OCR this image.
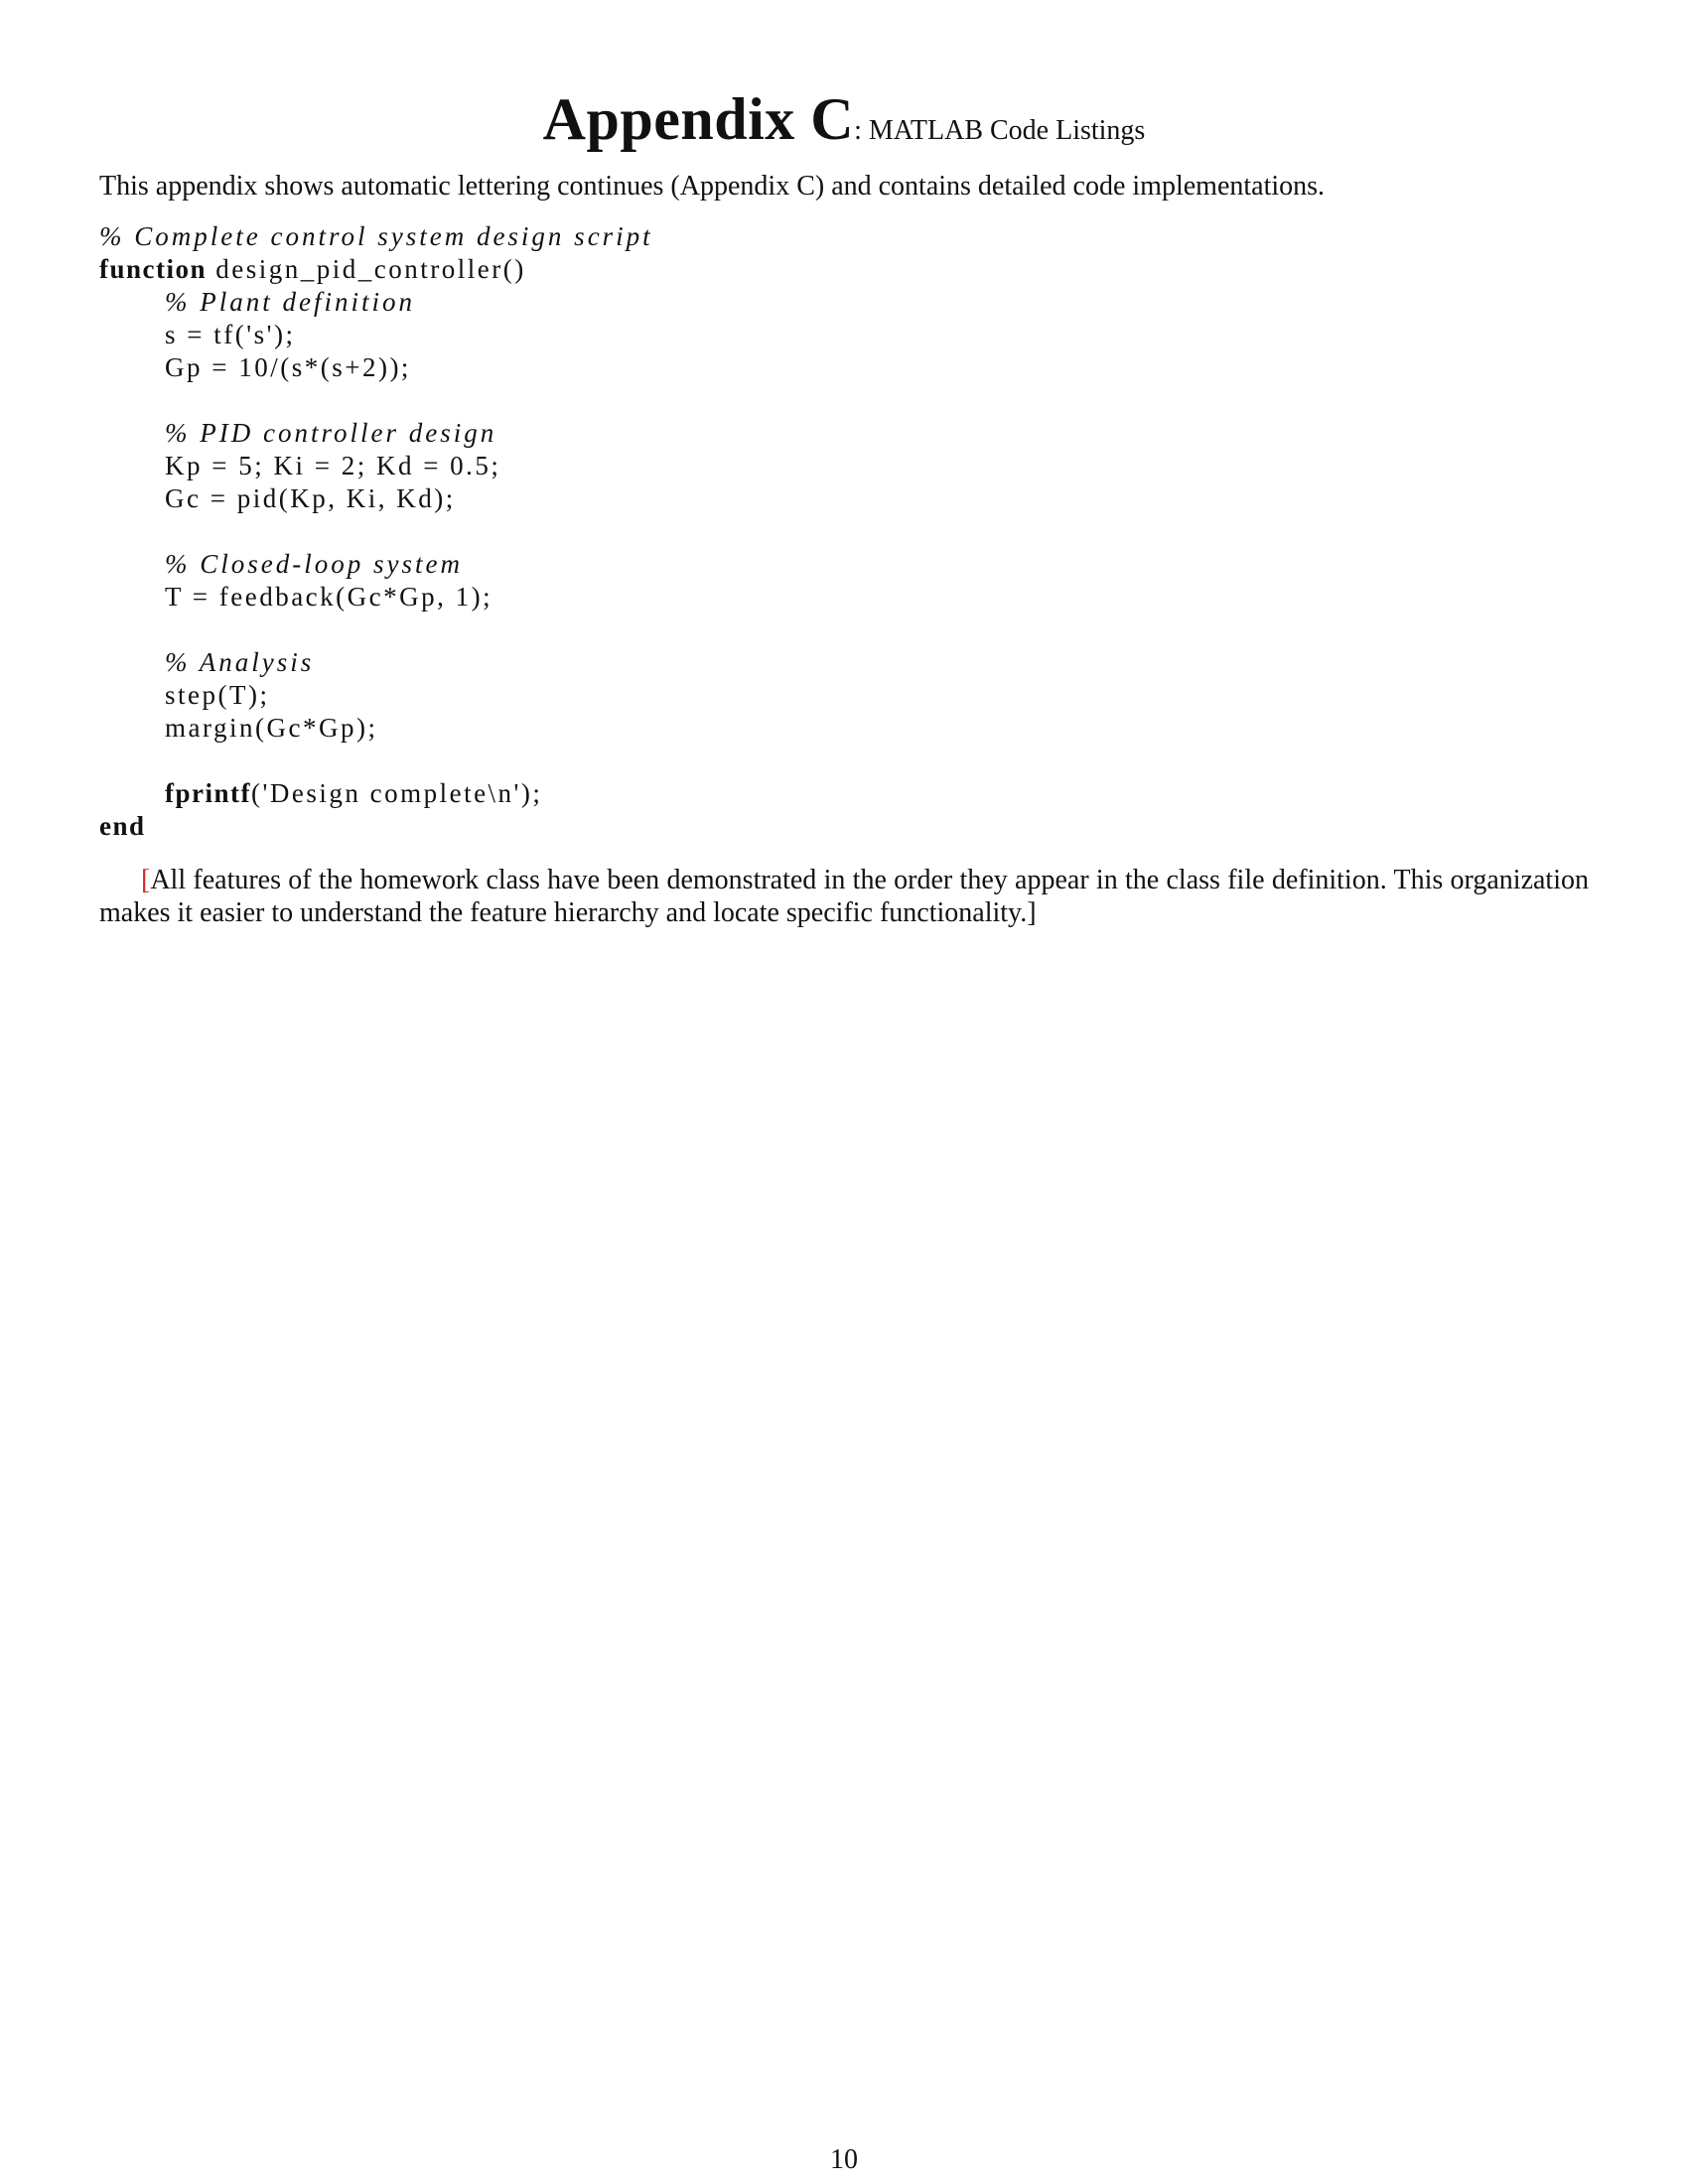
Appendix C: MATLAB Code Listings
This appendix shows automatic lettering continues (Appendix C) and contains detailed code implementations.
% Complete control system design script
function design_pid_controller()
% Plant definition
s = tf('s');
Gp = 10/(s*(s+2));
% PID controller design
Kp = 5; Ki = 2; Kd = 0.5;
Gc = pid(Kp, Ki, Kd);
% Closed-loop system
T = feedback(Gc*Gp, 1);
% Analysis
step(T);
margin(Gc*Gp);
fprintf('Design complete\n');
end
[All features of the homework class have been demonstrated in the order they appear in the class file definition. This organization makes it easier to understand the feature hierarchy and locate specific functionality.]
10
